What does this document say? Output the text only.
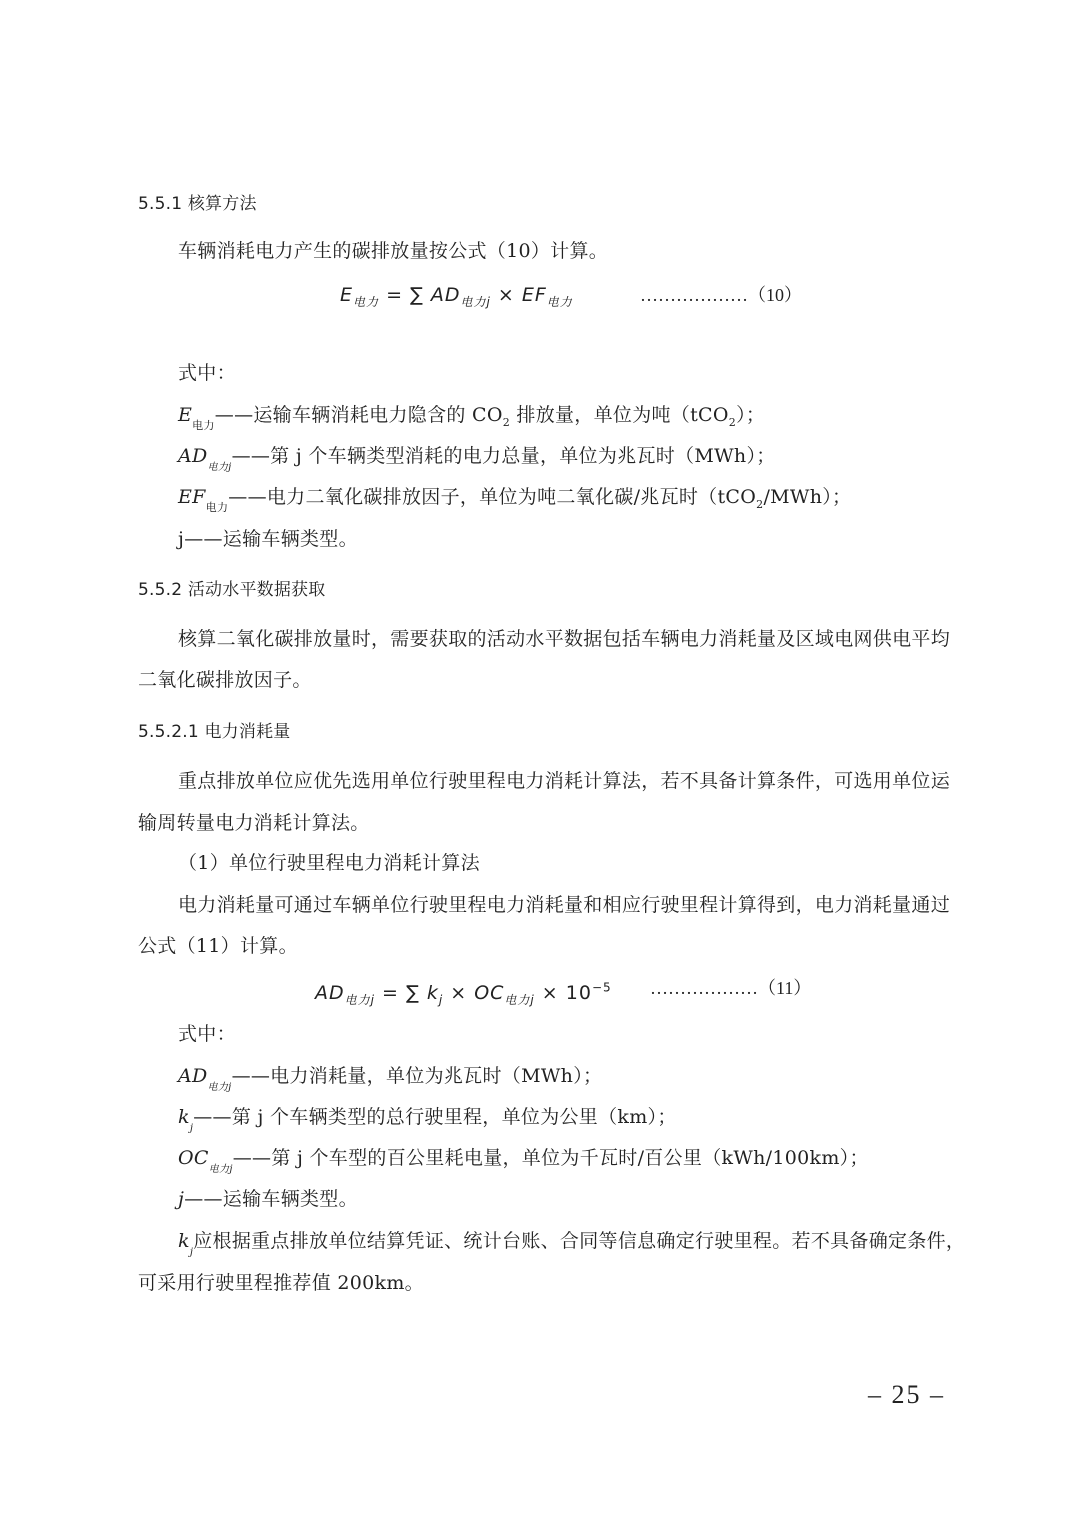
5.5.1 核算方法
车辆消耗电力产生的碳排放量按公式（10）计算。
$E_{电力}$ = ∑ $AD_{电力j} \times EF_{电力}$	………………（10）
式中：
$E_{电力}——$运输车辆消耗电力隐含的 $CO_2$ 排放量，单位为吨（tCO$_2$）；
$AD_{电力j}——$第 j 个车辆类型消耗的电力总量，单位为兆瓦时（MWh）；
$EF_{电力}——$电力二氧化碳排放因子，单位为吨二氧化碳/兆瓦时（tCO$_2$/MWh）；
j——运输车辆类型。
5.5.2 活动水平数据获取
核算二氧化碳排放量时，需要获取的活动水平数据包括车辆电力消耗量及区域电网供电平均
二氧化碳排放因子。
5.5.2.1 电力消耗量
重点排放单位应优先选用单位行驶里程电力消耗计算法，若不具备计算条件，可选用单位运
输周转量电力消耗计算法。
（1）单位行驶里程电力消耗计算法
电力消耗量可通过车辆单位行驶里程电力消耗量和相应行驶里程计算得到，电力消耗量通过
公式（11）计算。
$AD_{电力j}$ = ∑ $k_j \times OC_{电力j} \times 10^{-5}$ ………………（11）
式中：
$AD_{电力j}——$电力消耗量，单位为兆瓦时（MWh）；
$k_j——$第 j 个车辆类型的总行驶里程，单位为公里（km）；
$OC_{电力j}——$第 j 个车型的百公里耗电量，单位为千瓦时/百公里（kWh/100km）；
j——运输车辆类型。
$k_j$应根据重点排放单位结算凭证、统计台账、合同等信息确定行驶里程。若不具备确定条件，
可采用行驶里程推荐值 200km。
– 25 –
